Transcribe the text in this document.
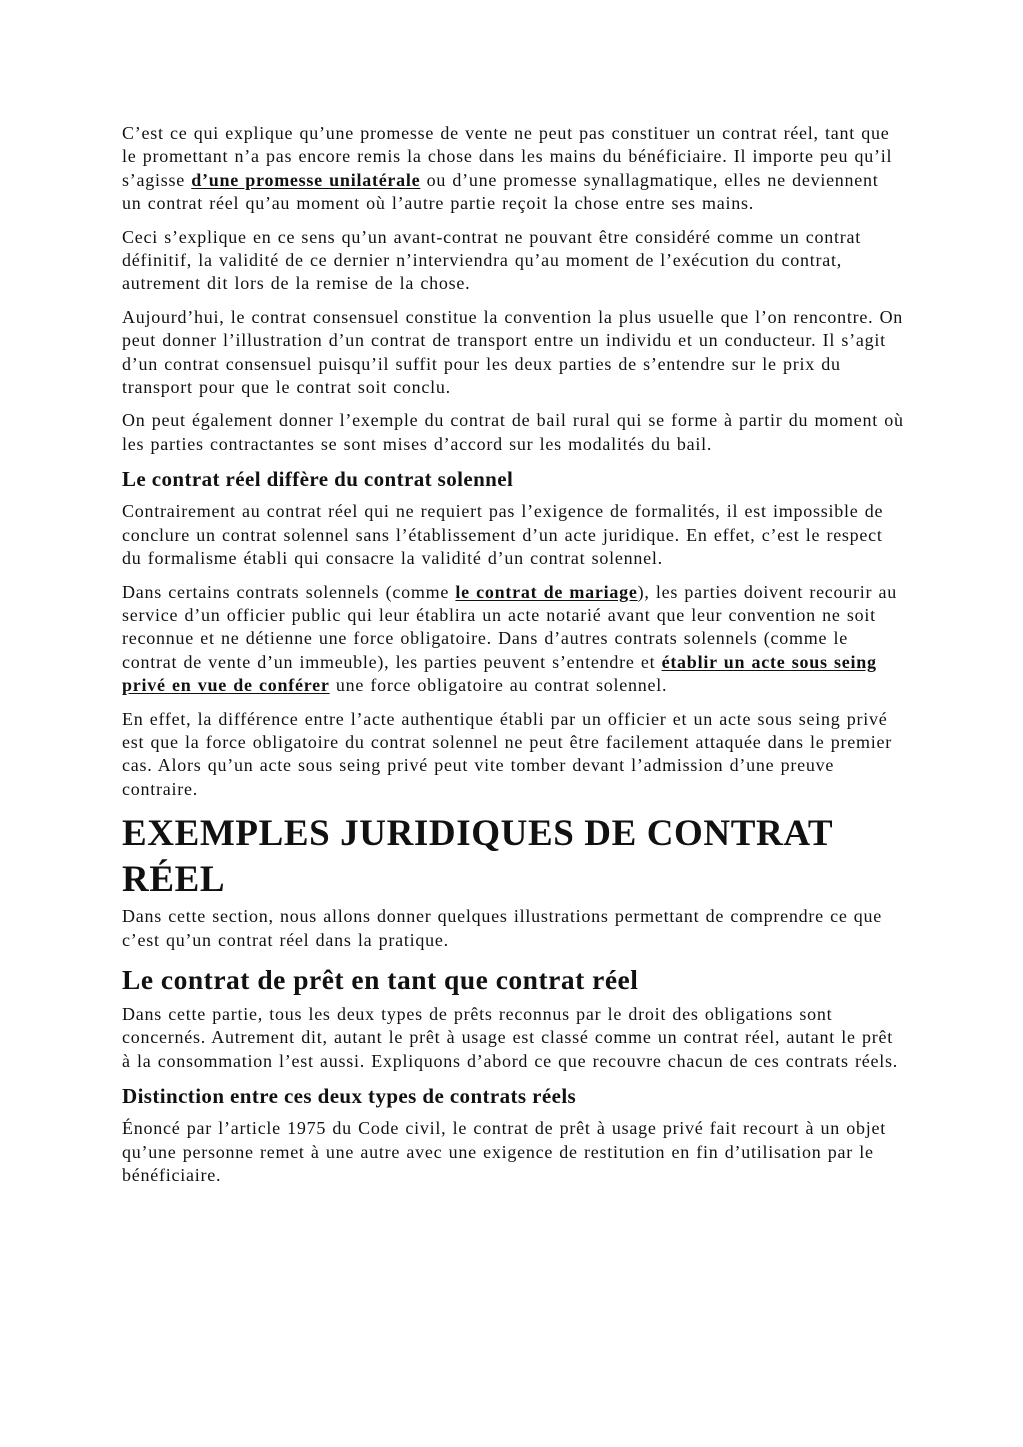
C’est ce qui explique qu’une promesse de vente ne peut pas constituer un contrat réel, tant que le promettant n’a pas encore remis la chose dans les mains du bénéficiaire. Il importe peu qu’il s’agisse d’une promesse unilatérale ou d’une promesse synallagmatique, elles ne deviennent un contrat réel qu’au moment où l’autre partie reçoit la chose entre ses mains.

Ceci s’explique en ce sens qu’un avant-contrat ne pouvant être considéré comme un contrat définitif, la validité de ce dernier n’interviendra qu’au moment de l’exécution du contrat, autrement dit lors de la remise de la chose.

Aujourd’hui, le contrat consensuel constitue la convention la plus usuelle que l’on rencontre. On peut donner l’illustration d’un contrat de transport entre un individu et un conducteur. Il s’agit d’un contrat consensuel puisqu’il suffit pour les deux parties de s’entendre sur le prix du transport pour que le contrat soit conclu.

On peut également donner l’exemple du contrat de bail rural qui se forme à partir du moment où les parties contractantes se sont mises d’accord sur les modalités du bail.

Le contrat réel diffère du contrat solennel

Contrairement au contrat réel qui ne requiert pas l’exigence de formalités, il est impossible de conclure un contrat solennel sans l’établissement d’un acte juridique. En effet, c’est le respect du formalisme établi qui consacre la validité d’un contrat solennel.

Dans certains contrats solennels (comme le contrat de mariage), les parties doivent recourir au service d’un officier public qui leur établira un acte notarié avant que leur convention ne soit reconnue et ne détienne une force obligatoire. Dans d’autres contrats solennels (comme le contrat de vente d’un immeuble), les parties peuvent s’entendre et établir un acte sous seing privé en vue de conférer une force obligatoire au contrat solennel.

En effet, la différence entre l’acte authentique établi par un officier et un acte sous seing privé est que la force obligatoire du contrat solennel ne peut être facilement attaquée dans le premier cas. Alors qu’un acte sous seing privé peut vite tomber devant l’admission d’une preuve contraire.

EXEMPLES JURIDIQUES DE CONTRAT RÉEL

Dans cette section, nous allons donner quelques illustrations permettant de comprendre ce que c’est qu’un contrat réel dans la pratique.

Le contrat de prêt en tant que contrat réel

Dans cette partie, tous les deux types de prêts reconnus par le droit des obligations sont concernés. Autrement dit, autant le prêt à usage est classé comme un contrat réel, autant le prêt à la consommation l’est aussi. Expliquons d’abord ce que recouvre chacun de ces contrats réels.

Distinction entre ces deux types de contrats réels

Énoncé par l’article 1975 du Code civil, le contrat de prêt à usage privé fait recourt à un objet qu’une personne remet à une autre avec une exigence de restitution en fin d’utilisation par le bénéficiaire.
